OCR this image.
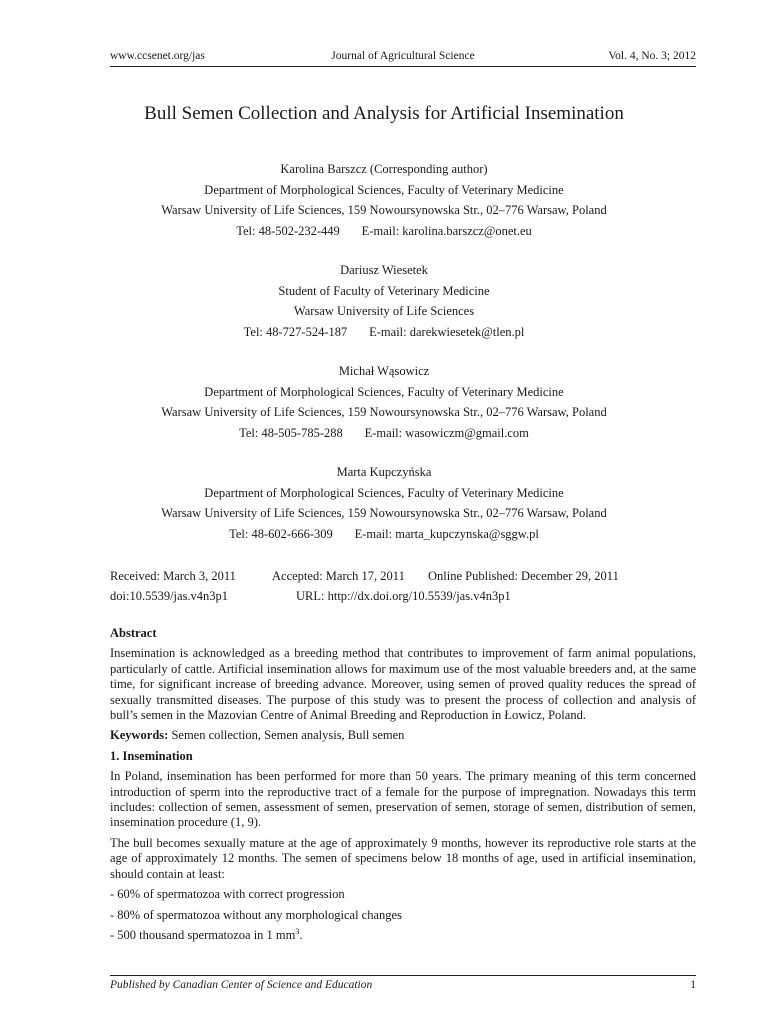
www.ccsenet.org/jas	Journal of Agricultural Science	Vol. 4, No. 3; 2012
Bull Semen Collection and Analysis for Artificial Insemination
Karolina Barszcz (Corresponding author)
Department of Morphological Sciences, Faculty of Veterinary Medicine
Warsaw University of Life Sciences, 159 Nowoursynowska Str., 02–776 Warsaw, Poland
Tel: 48-502-232-449       E-mail: karolina.barszcz@onet.eu
Dariusz Wiesetek
Student of Faculty of Veterinary Medicine
Warsaw University of Life Sciences
Tel: 48-727-524-187       E-mail: darekwiesetek@tlen.pl
Michał Wąsowicz
Department of Morphological Sciences, Faculty of Veterinary Medicine
Warsaw University of Life Sciences, 159 Nowoursynowska Str., 02–776 Warsaw, Poland
Tel: 48-505-785-288       E-mail: wasowiczm@gmail.com
Marta Kupczyńska
Department of Morphological Sciences, Faculty of Veterinary Medicine
Warsaw University of Life Sciences, 159 Nowoursynowska Str., 02–776 Warsaw, Poland
Tel: 48-602-666-309       E-mail: marta_kupczynska@sggw.pl
Received: March 3, 2011	Accepted: March 17, 2011 Online Published: December 29, 2011
doi:10.5539/jas.v4n3p1	URL: http://dx.doi.org/10.5539/jas.v4n3p1
Abstract

Insemination is acknowledged as a breeding method that contributes to improvement of farm animal populations, particularly of cattle. Artificial insemination allows for maximum use of the most valuable breeders and, at the same time, for significant increase of breeding advance. Moreover, using semen of proved quality reduces the spread of sexually transmitted diseases. The purpose of this study was to present the process of collection and analysis of bull’s semen in the Mazovian Centre of Animal Breeding and Reproduction in Łowicz, Poland.

Keywords: Semen collection, Semen analysis, Bull semen

1. Insemination

In Poland, insemination has been performed for more than 50 years. The primary meaning of this term concerned introduction of sperm into the reproductive tract of a female for the purpose of impregnation. Nowadays this term includes: collection of semen, assessment of semen, preservation of semen, storage of semen, distribution of semen, insemination procedure (1, 9).

The bull becomes sexually mature at the age of approximately 9 months, however its reproductive role starts at the age of approximately 12 months. The semen of specimens below 18 months of age, used in artificial insemination, should contain at least:

- 60% of spermatozoa with correct progression

- 80% of spermatozoa without any morphological changes

- 500 thousand spermatozoa in 1 $mm^3$.

Published by Canadian Center of Science and Education	1
